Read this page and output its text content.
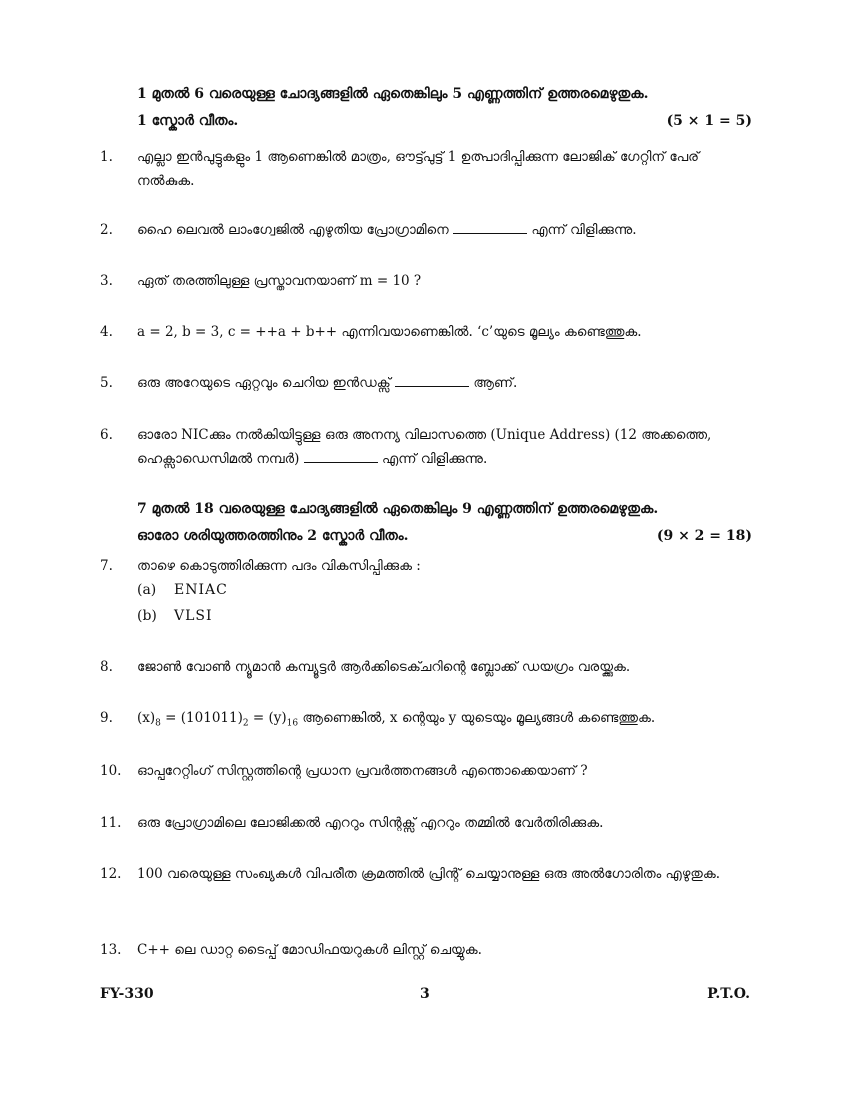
1 മുതൽ 6 വരെയുള്ള ചോദ്യങ്ങളിൽ ഏതെങ്കിലും 5 എണ്ണത്തിന് ഉത്തരമെഴുതുക.
1 സ്കോർ വീതം.	(5 × 1 = 5)
1. എല്ലാ ഇൻപുട്ടുകളും 1 ആണെങ്കിൽ മാത്രം, ഔട്ട്പുട്ട് 1 ഉത്പാദിപ്പിക്കുന്ന ലോജിക് ഗേറ്റിന് പേര് നൽകുക.
2. ഹൈ ലെവൽ ലാംഗ്വേജിൽ എഴുതിയ പ്രോഗ്രാമിനെ	എന്ന് വിളിക്കുന്നു.
3. ഏത് തരത്തിലുള്ള പ്രസ്താവനയാണ് m = 10 ?
4. a = 2, b = 3, c = ++a + b++ എന്നിവയാണെങ്കിൽ. ‘c’യുടെ മൂല്യം കണ്ടെത്തുക.
5. ഒരു അറേയുടെ ഏറ്റവും ചെറിയ ഇൻഡക്സ്	ആണ്.
6. ഓരോ NICക്കും നൽകിയിട്ടുള്ള ഒരു അനന്യ വിലാസത്തെ (Unique Address) (12 അക്കത്തെ, ഹെക്സാഡെസിമൽ നമ്പർ)	എന്ന് വിളിക്കുന്നു.
7 മുതൽ 18 വരെയുള്ള ചോദ്യങ്ങളിൽ ഏതെങ്കിലും 9 എണ്ണത്തിന് ഉത്തരമെഴുതുക.
ഓരോ ശരിയുത്തരത്തിനും 2 സ്കോർ വീതം.	(9 × 2 = 18)
7. താഴെ കൊടുത്തിരിക്കുന്ന പദം വികസിപ്പിക്കുക :
(a) ENIAC
(b) VLSI
8. ജോൺ വോൺ ന്യൂമാൻ കമ്പ്യൂട്ടർ ആർക്കിടെക്ചറിന്റെ ബ്ലോക്ക് ഡയഗ്രം വരയ്ക്കുക.
9. $(x)_8 = (101011)_2 = (y)_{16}$ ആണെങ്കിൽ, x ന്റെയും y യുടെയും മൂല്യങ്ങൾ കണ്ടെത്തുക.
10. ഓപ്പറേറ്റിംഗ് സിസ്റ്റത്തിന്റെ പ്രധാന പ്രവർത്തനങ്ങൾ എന്തൊക്കെയാണ് ?
11. ഒരു പ്രോഗ്രാമിലെ ലോജിക്കൽ എററും സിന്റക്സ് എററും തമ്മിൽ വേർതിരിക്കുക.
12. 100 വരെയുള്ള സംഖ്യകൾ വിപരീത ക്രമത്തിൽ പ്രിന്റ് ചെയ്യാനുള്ള ഒരു അൽഗോരിതം എഴുതുക.
13. C++ ലെ ഡാറ്റ ടൈപ്പ് മോഡിഫയറുകൾ ലിസ്റ്റ് ചെയ്യുക.
FY-330	3	P.T.O.
